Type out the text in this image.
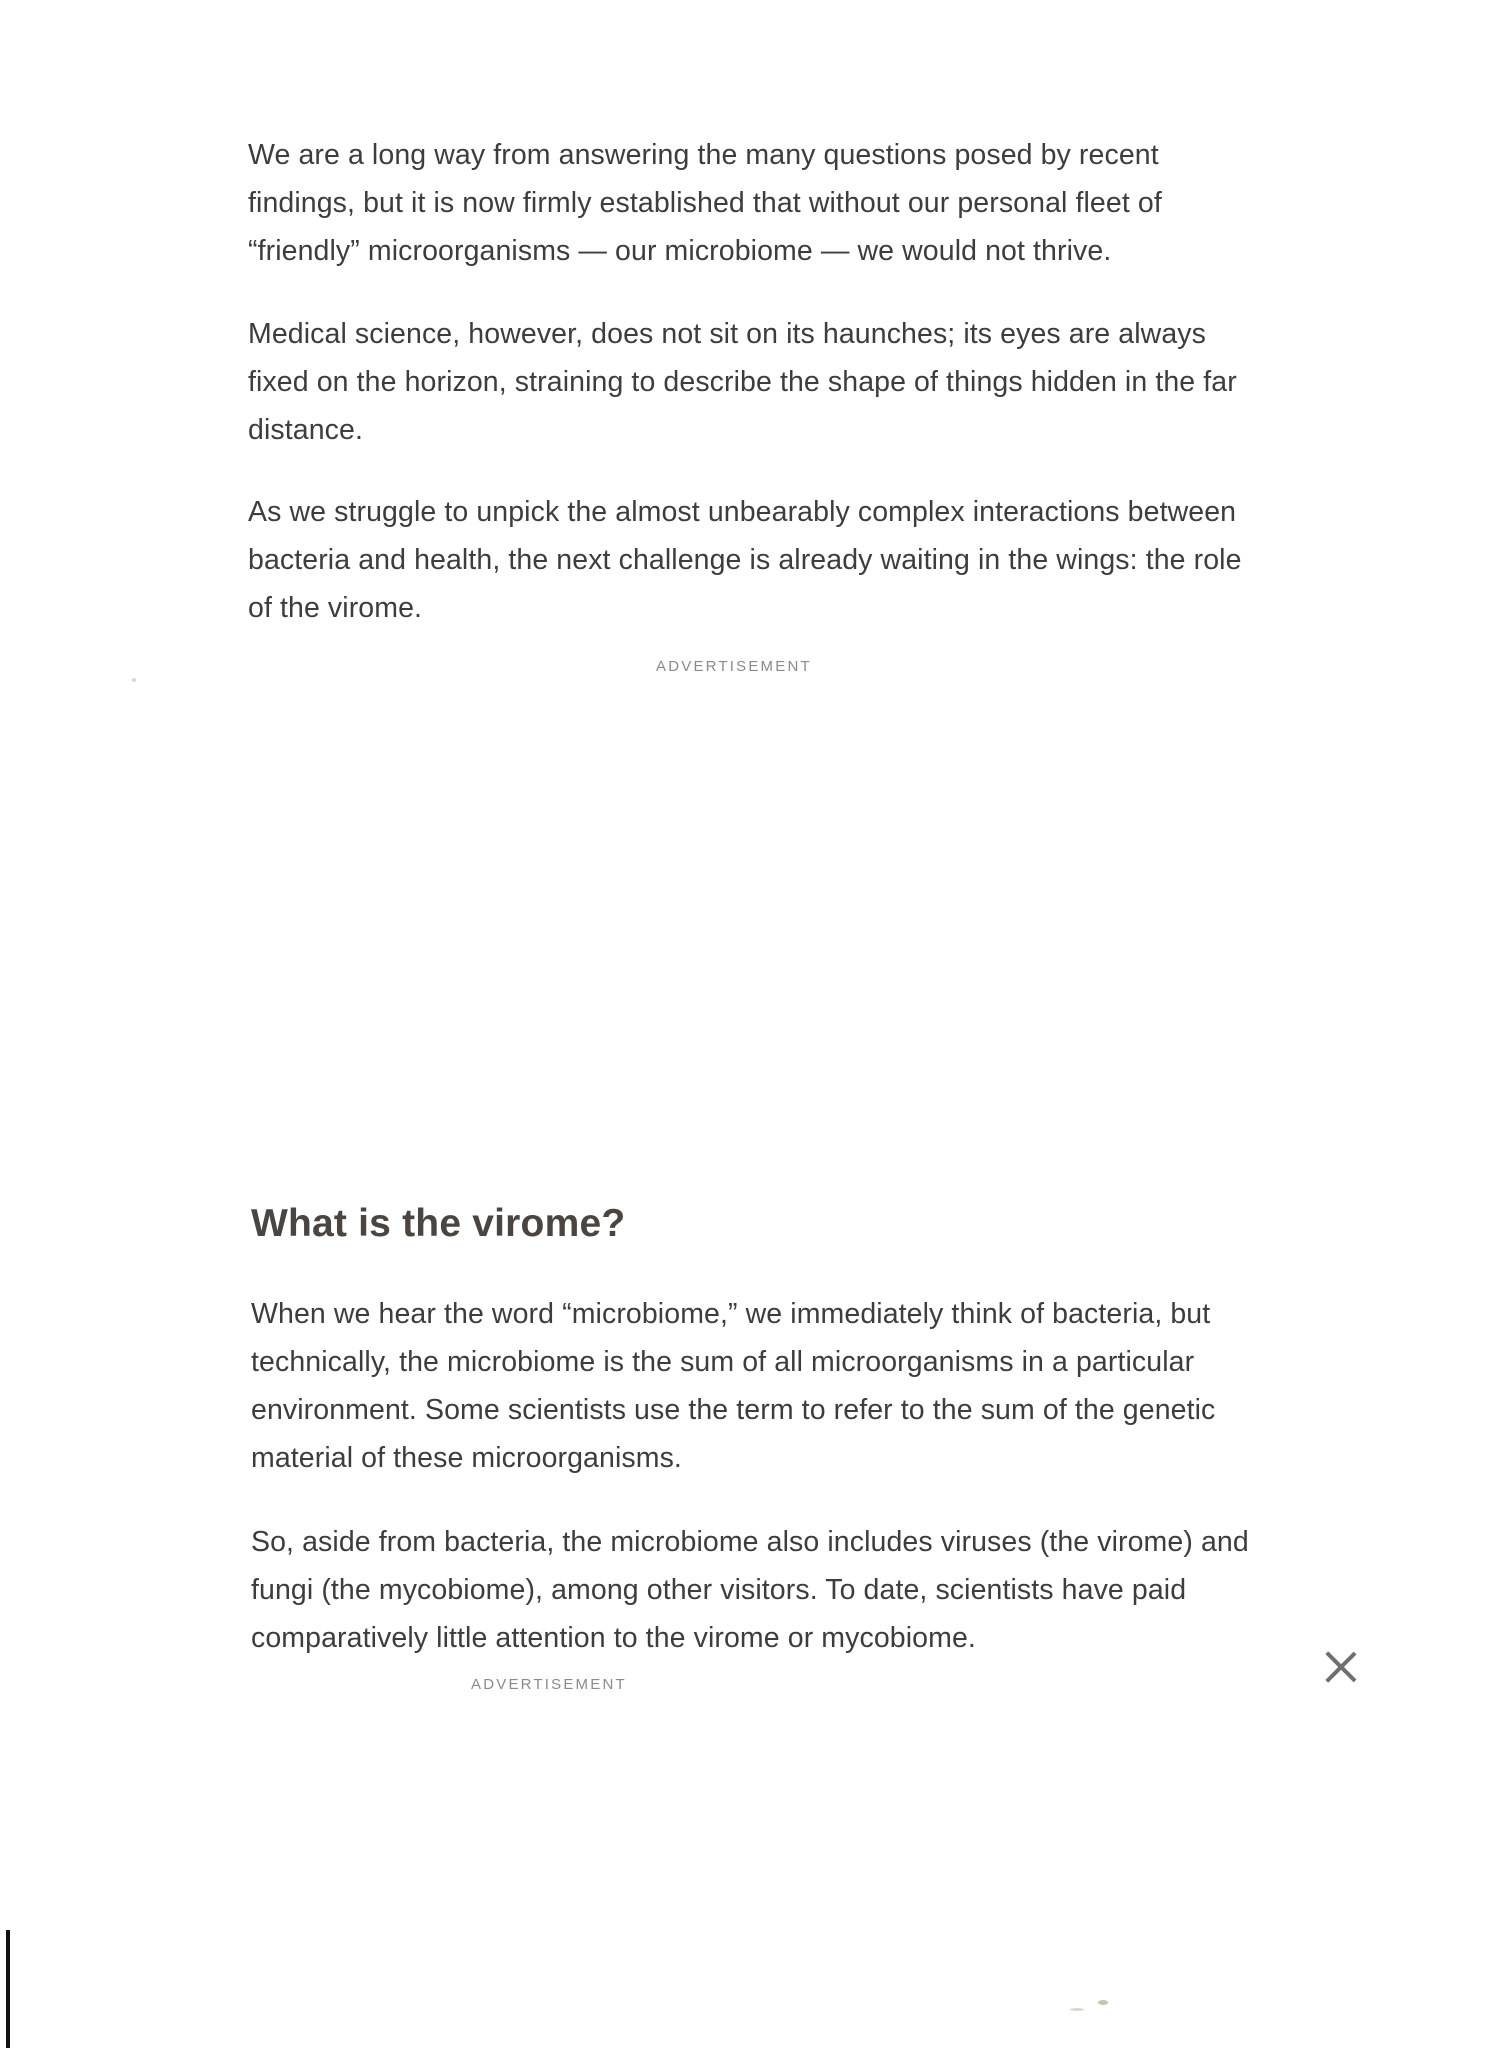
We are a long way from answering the many questions posed by recent findings, but it is now firmly established that without our personal fleet of “friendly” microorganisms — our microbiome — we would not thrive.

Medical science, however, does not sit on its haunches; its eyes are always fixed on the horizon, straining to describe the shape of things hidden in the far distance.

As we struggle to unpick the almost unbearably complex interactions between bacteria and health, the next challenge is already waiting in the wings: the role of the virome.

ADVERTISEMENT
What is the virome?

When we hear the word “microbiome,” we immediately think of bacteria, but technically, the microbiome is the sum of all microorganisms in a particular environment. Some scientists use the term to refer to the sum of the genetic material of these microorganisms.

So, aside from bacteria, the microbiome also includes viruses (the virome) and fungi (the mycobiome), among other visitors. To date, scientists have paid comparatively little attention to the virome or mycobiome.

ADVERTISEMENT
